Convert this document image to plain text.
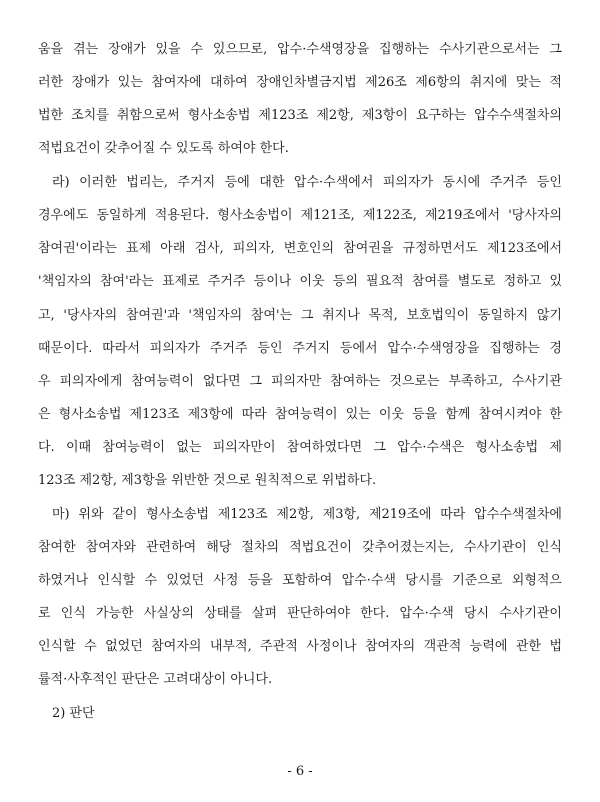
움을 겪는 장애가 있을 수 있으므로, 압수·수색영장을 집행하는 수사기관으로서는 그
러한 장애가 있는 참여자에 대하여 장애인차별금지법 제26조 제6항의 취지에 맞는 적
법한 조치를 취함으로써 형사소송법 제123조 제2항, 제3항이 요구하는 압수수색절차의
적법요건이 갖추어질 수 있도록 하여야 한다.
라) 이러한 법리는, 주거지 등에 대한 압수·수색에서 피의자가 동시에 주거주 등인
경우에도 동일하게 적용된다. 형사소송법이 제121조, 제122조, 제219조에서 '당사자의
참여권'이라는 표제 아래 검사, 피의자, 변호인의 참여권을 규정하면서도 제123조에서
'책임자의 참여'라는 표제로 주거주 등이나 이웃 등의 필요적 참여를 별도로 정하고 있
고, '당사자의 참여권'과 '책임자의 참여'는 그 취지나 목적, 보호법익이 동일하지 않기
때문이다. 따라서 피의자가 주거주 등인 주거지 등에서 압수·수색영장을 집행하는 경
우 피의자에게 참여능력이 없다면 그 피의자만 참여하는 것으로는 부족하고, 수사기관
은 형사소송법 제123조 제3항에 따라 참여능력이 있는 이웃 등을 함께 참여시켜야 한
다. 이때 참여능력이 없는 피의자만이 참여하였다면 그 압수·수색은 형사소송법 제
123조 제2항, 제3항을 위반한 것으로 원칙적으로 위법하다.
마) 위와 같이 형사소송법 제123조 제2항, 제3항, 제219조에 따라 압수수색절차에
참여한 참여자와 관련하여 해당 절차의 적법요건이 갖추어졌는지는, 수사기관이 인식
하였거나 인식할 수 있었던 사정 등을 포함하여 압수·수색 당시를 기준으로 외형적으
로 인식 가능한 사실상의 상태를 살펴 판단하여야 한다. 압수·수색 당시 수사기관이
인식할 수 없었던 참여자의 내부적, 주관적 사정이나 참여자의 객관적 능력에 관한 법
률적·사후적인 판단은 고려대상이 아니다.
2) 판단
- 6 -
